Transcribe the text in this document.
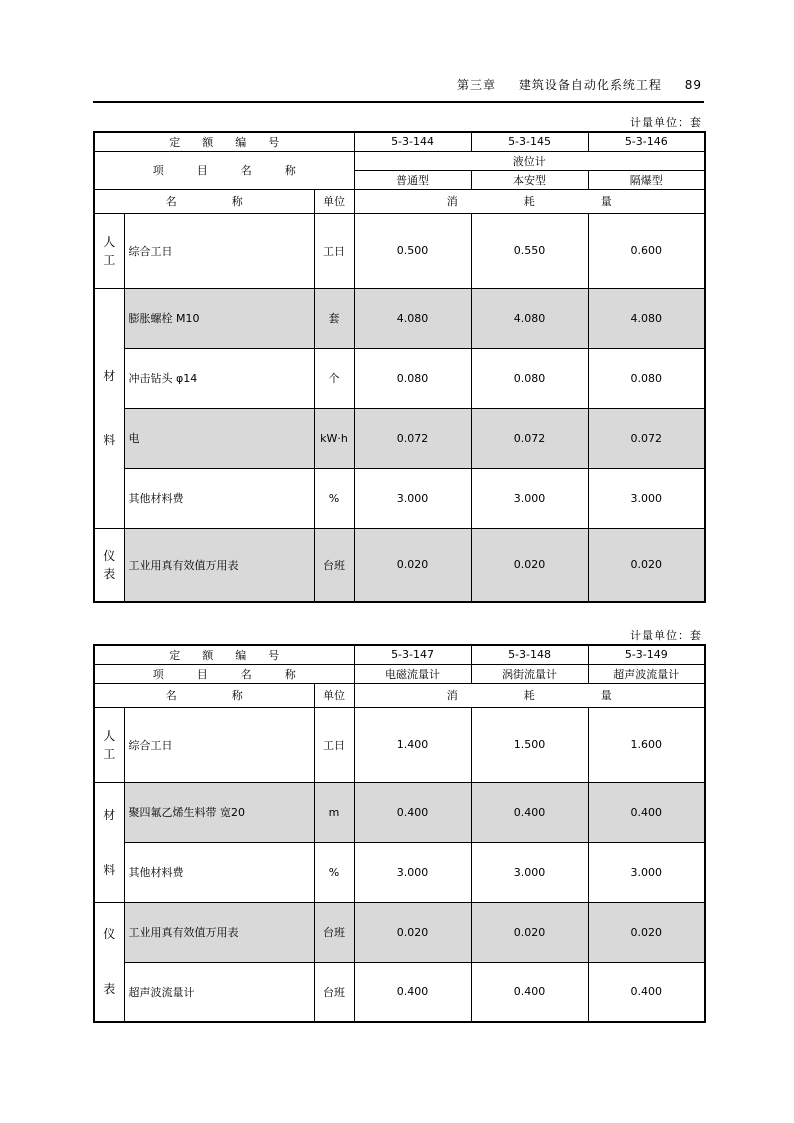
第三章 建筑设备自动化系统工程 89
计量单位：套
定　　 额　　 编　　 号			5-3-144	5-3-145	5-3-146
项　　　 目　　　 名　　　 称			液位计		
			普通型	本安型	隔爆型
名　　　　　 称		单位	消　　　　　　 耗　　　　　　 量		
人
工	综合工日	工日	0.500	0.550	0.600

材
料	膨胀螺栓 M10	套	4.080	4.080	4.080
	冲击钻头 φ14	个	0.080	0.080	0.080
	电	kW·h	0.072	0.072	0.072
	其他材料费	%	3.000	3.000	3.000
仪
表	工业用真有效值万用表	台班	0.020	0.020	0.020
计量单位：套
定　　 额　　 编　　 号			5-3-147	5-3-148	5-3-149
项　　　 目　　　 名　　　 称			电磁流量计	涡街流量计	超声波流量计
名　　　　　 称		单位	消　　　　　　 耗　　　　　　 量		
人
工	综合工日	工日	1.400	1.500	1.600

材
料	聚四氟乙烯生料带 宽20	m	0.400	0.400	0.400
	其他材料费	%	3.000	3.000	3.000

仪
表	工业用真有效值万用表	台班	0.020	0.020	0.020
	超声波流量计	台班	0.400	0.400	0.400
